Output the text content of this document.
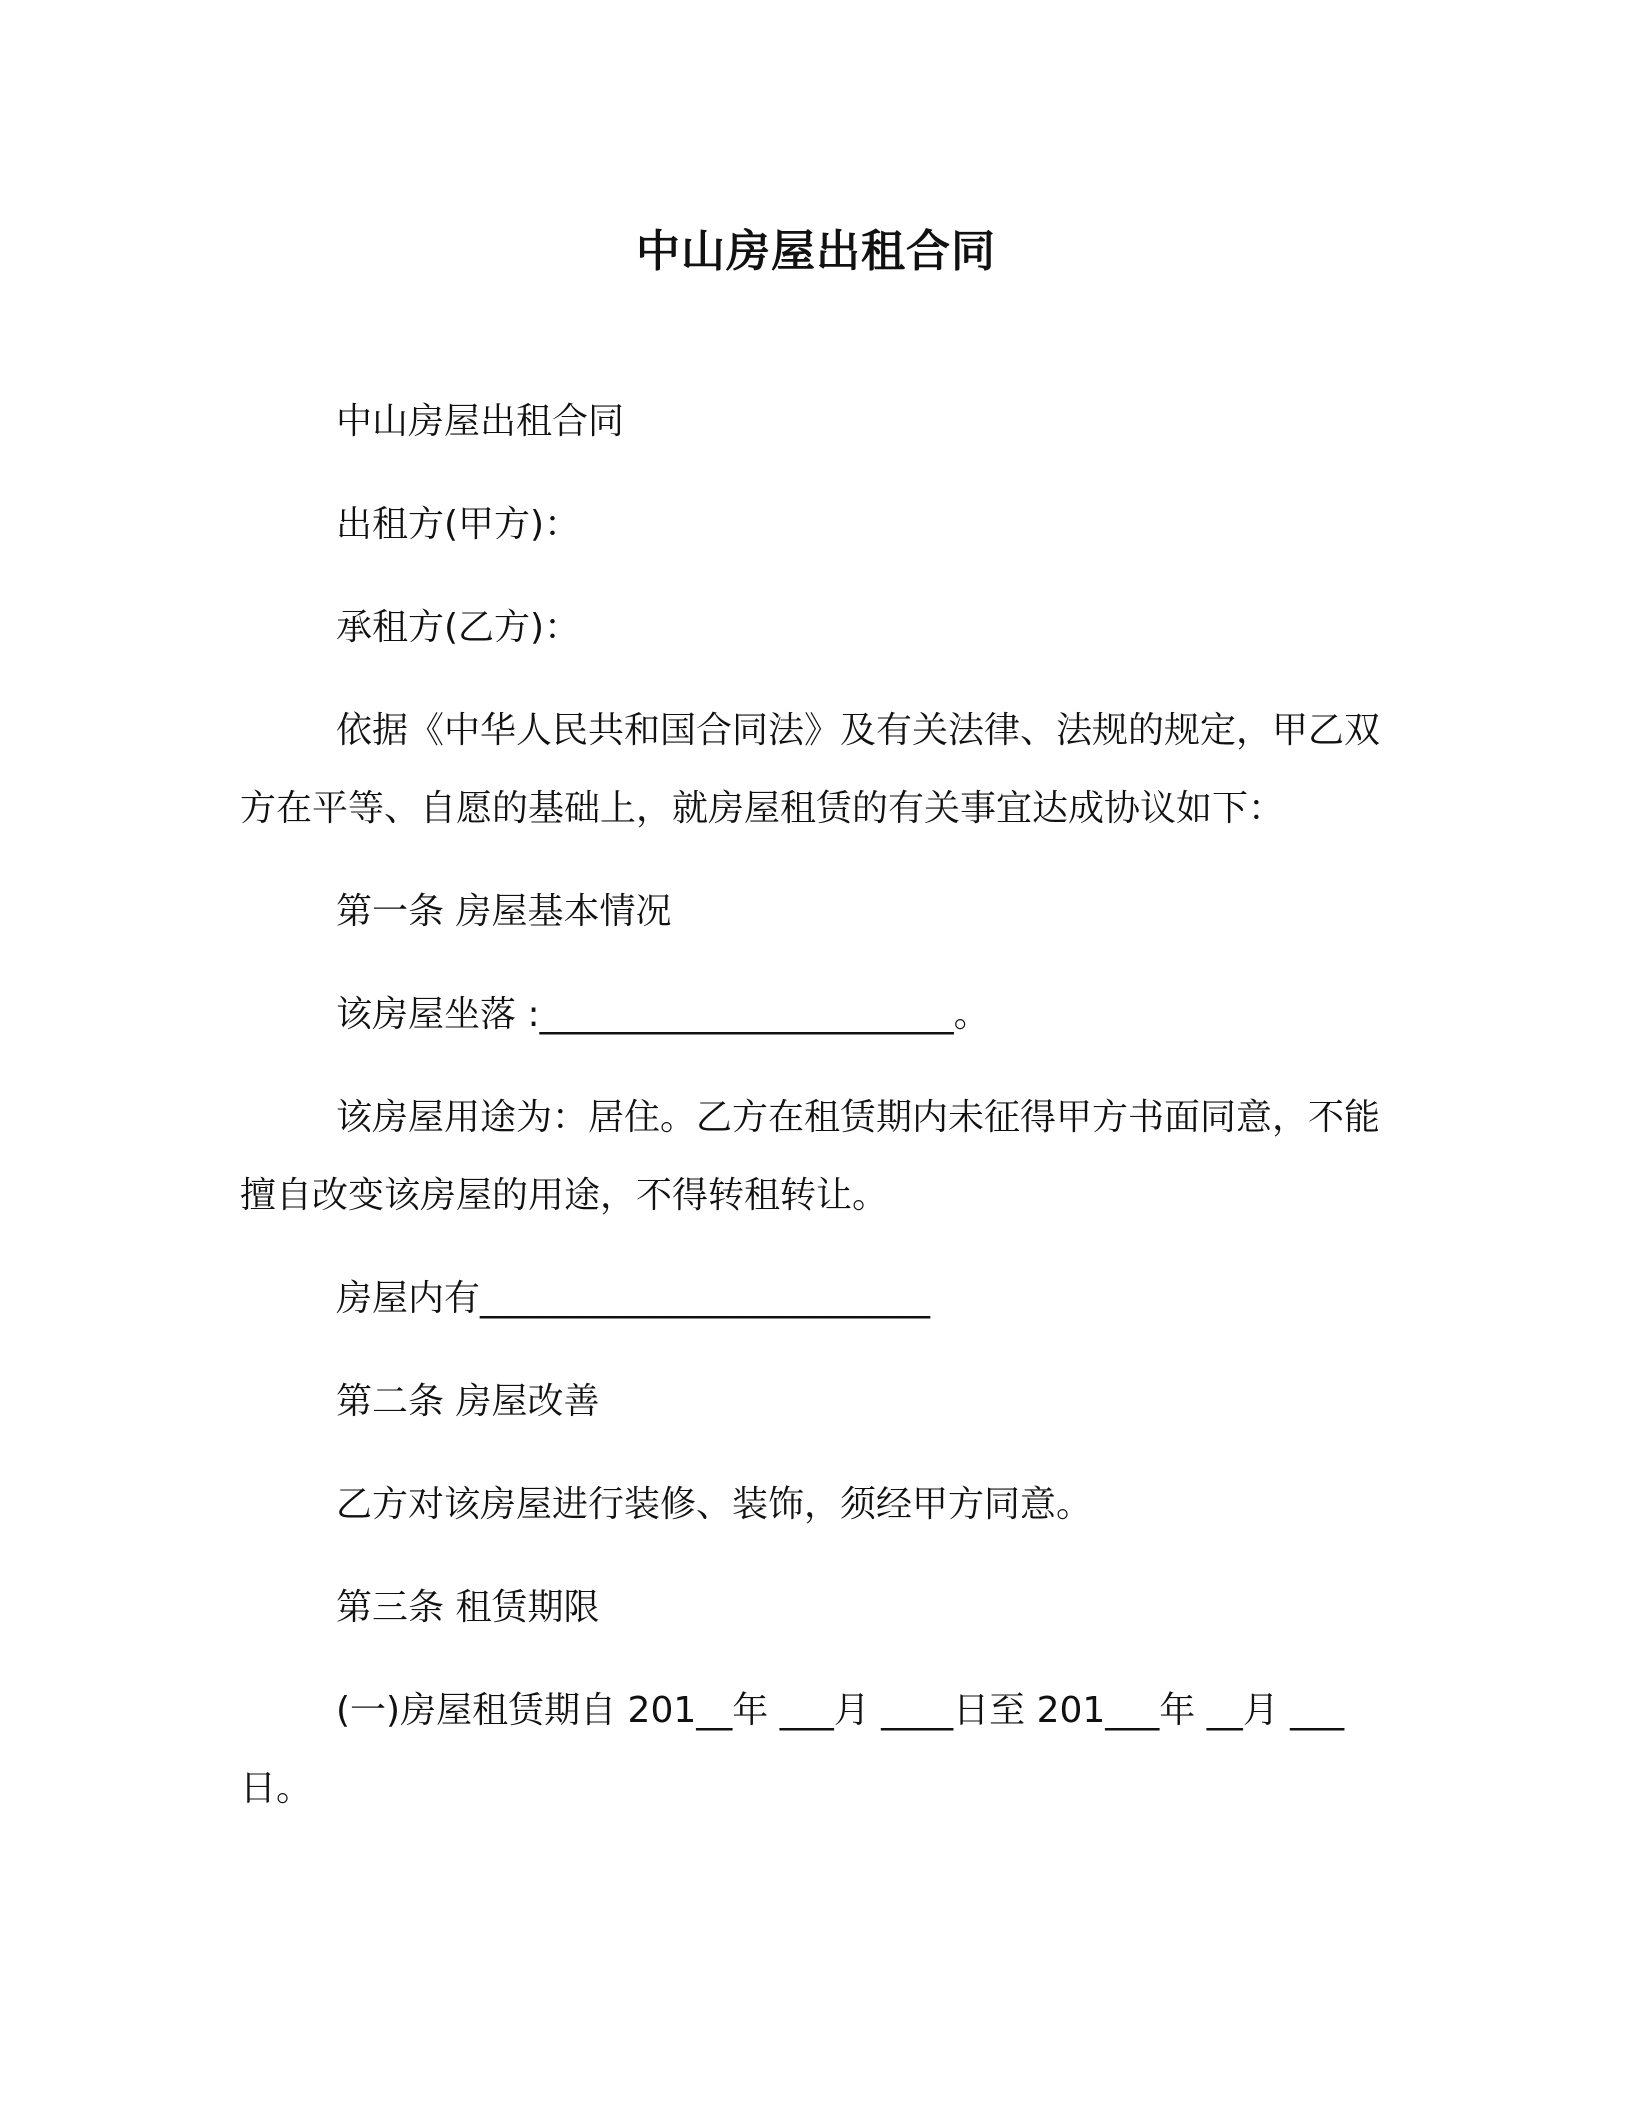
中山房屋出租合同
中山房屋出租合同
出租方(甲方)：
承租方(乙方)：
依据《中华人民共和国合同法》及有关法律、法规的规定，甲乙双方在平等、自愿的基础上，就房屋租赁的有关事宜达成协议如下：
第一条 房屋基本情况
该房屋坐落 :_______________________。
该房屋用途为：居住。乙方在租赁期内未征得甲方书面同意，不能擅自改变该房屋的用途，不得转租转让。
房屋内有_________________________
第二条 房屋改善
乙方对该房屋进行装修、装饰，须经甲方同意。
第三条 租赁期限
(一)房屋租赁期自 201__年 ___月 ____日至 201___年 __月 ___日。
